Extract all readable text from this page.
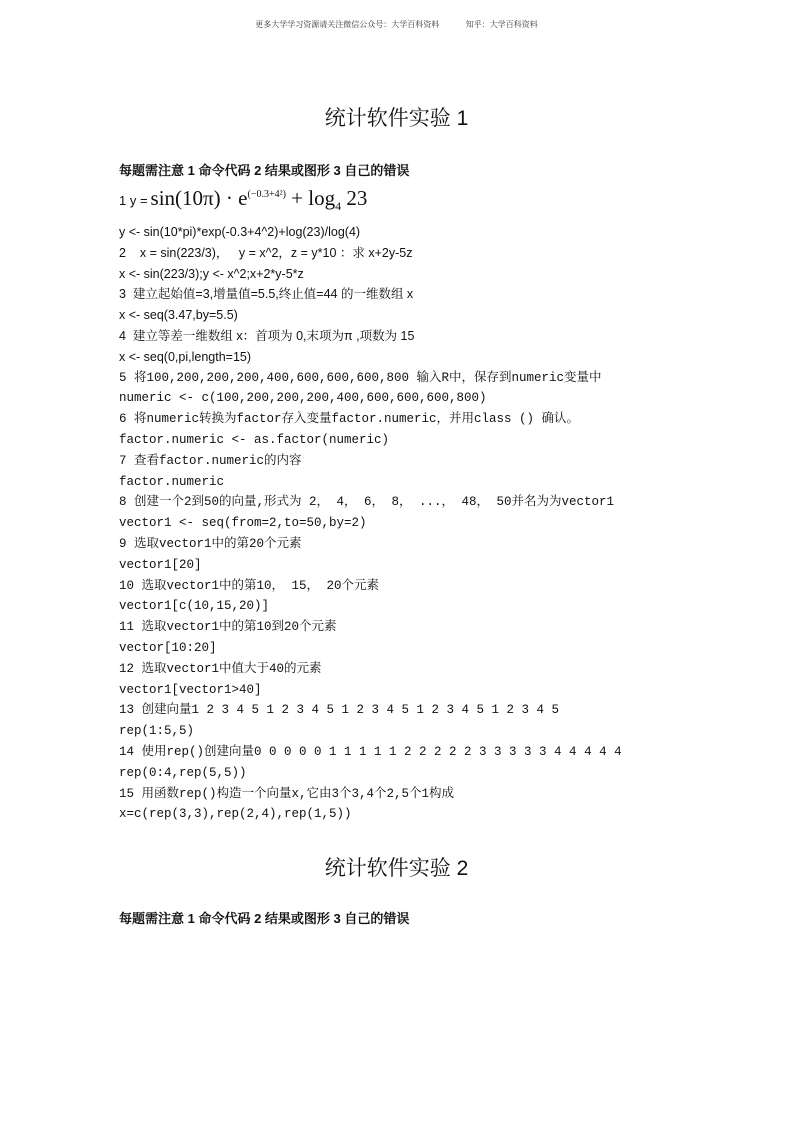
更多大学学习资源请关注微信公众号：大学百科资料	知乎：大学百科资料
统计软件实验 1
每题需注意 1 命令代码 2 结果或图形 3 自己的错误
1 $y = \sin(10\pi) \cdot e^{(-0.3+4^2)} + \log_4 23$
y <- sin(10*pi)*exp(-0.3+4^2)+log(23)/log(4)
2    x = sin(223/3)，   y = x^2，z = y*10 ：求 x+2y-5z
x <- sin(223/3);y <- x^2;x+2*y-5*z
3  建立起始值=3,增量值=5.5,终止值=44 的一维数组 x
x <- seq(3.47,by=5.5)
4  建立等差一维数组 x：首项为 0,末项为π ,项数为 15
x <- seq(0,pi,length=15)
5 将100,200,200,200,400,600,600,600,800 输入R中，保存到numeric变量中
numeric <- c(100,200,200,200,400,600,600,600,800)
6 将numeric转换为factor存入变量factor.numeric，并用class () 确认。
factor.numeric <- as.factor(numeric)
7 查看factor.numeric的内容
factor.numeric
8 创建一个2到50的向量,形式为 2， 4， 6， 8， ...， 48， 50并名为为vector1
vector1 <- seq(from=2,to=50,by=2)
9 选取vector1中的第20个元素
vector1[20]
10 选取vector1中的第10， 15， 20个元素
vector1[c(10,15,20)]
11 选取vector1中的第10到20个元素
vector[10:20]
12 选取vector1中值大于40的元素
vector1[vector1>40]
13 创建向量1 2 3 4 5 1 2 3 4 5 1 2 3 4 5 1 2 3 4 5 1 2 3 4 5
rep(1:5,5)
14 使用rep()创建向量0 0 0 0 0 1 1 1 1 1 2 2 2 2 2 3 3 3 3 3 4 4 4 4 4
rep(0:4,rep(5,5))
15 用函数rep()构造一个向量x,它由3个3,4个2,5个1构成
x=c(rep(3,3),rep(2,4),rep(1,5))
统计软件实验 2
每题需注意 1 命令代码 2 结果或图形 3 自己的错误
